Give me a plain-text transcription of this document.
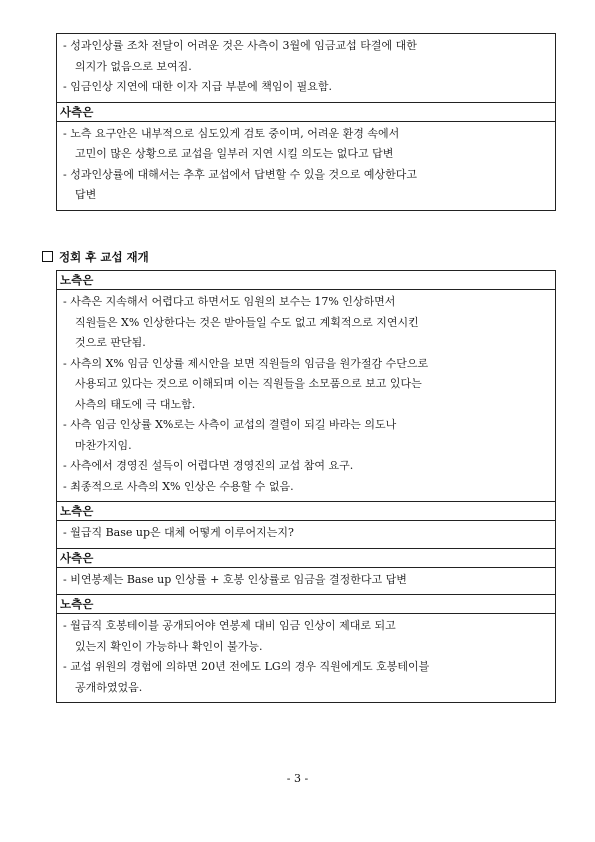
- 성과인상률 조차 전달이 어려운 것은 사측이 3월에 임금교섭 타결에 대한
의지가 없음으로 보여짐.
- 임금인상 지연에 대한 이자 지급 부분에 책임이 필요함.
사측은
- 노측 요구안은 내부적으로 심도있게 검토 중이며, 어려운 환경 속에서
고민이 많은 상황으로 교섭을 일부러 지연 시킬 의도는 없다고 답변
- 성과인상률에 대해서는 추후 교섭에서 답변할 수 있을 것으로 예상한다고
답변
정회 후 교섭 재개
노측은
- 사측은 지속해서 어렵다고 하면서도 임원의 보수는 17% 인상하면서
직원들은 X% 인상한다는 것은 받아들일 수도 없고 계획적으로 지연시킨
것으로 판단됨.
- 사측의 X% 임금 인상률 제시안을 보면 직원들의 임금을 원가절감 수단으로
사용되고 있다는 것으로 이해되며 이는 직원들을 소모품으로 보고 있다는
사측의 태도에 극 대노함.
- 사측 임금 인상률 X%로는 사측이 교섭의 결렬이 되길 바라는 의도나
마찬가지임.
- 사측에서 경영진 설득이 어렵다면 경영진의 교섭 참여 요구.
- 최종적으로 사측의 X% 인상은 수용할 수 없음.
노측은
- 월급직 Base up은 대체 어떻게 이루어지는지?
사측은
- 비연봉제는 Base up 인상률 + 호봉 인상률로 임금을 결정한다고 답변
노측은
- 월급직 호봉테이블 공개되어야 연봉제 대비 임금 인상이 제대로 되고
있는지 확인이 가능하나 확인이 불가능.
- 교섭 위원의 경험에 의하면 20년 전에도 LG의 경우 직원에게도 호봉테이블
공개하였었음.
- 3 -
